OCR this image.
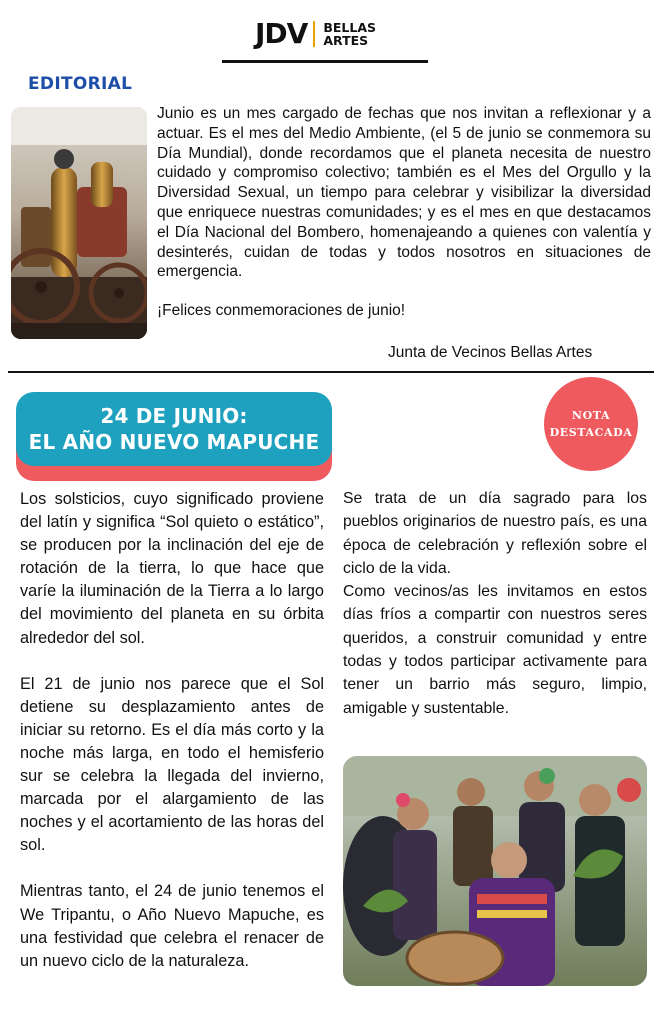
JDV BELLAS
ARTES
EDITORIAL
Junio es un mes cargado de fechas que nos invitan a reflexionar y a actuar. Es el mes del Medio Ambiente, (el 5 de junio se conmemora su Día Mundial), donde recordamos que el planeta necesita de nuestro cuidado y compromiso colectivo; también es el Mes del Orgullo y la Diversidad Sexual, un tiempo para celebrar y visibilizar la diversidad que enriquece nuestras comunidades; y es el mes en que destacamos el Día Nacional del Bombero, homenajeando a quienes con valentía y desinterés, cuidan de todas y todos nosotros en situaciones de emergencia.
¡Felices conmemoraciones de junio!
Junta de Vecinos Bellas Artes
24 DE JUNIO:
EL AÑO NUEVO MAPUCHE
NOTA
DESTACADA

Los solsticios, cuyo significado proviene del latín y significa “Sol quieto o estático”, se producen por la inclinación del eje de rotación de la tierra, lo que hace que varíe la iluminación de la Tierra a lo largo del movimiento del planeta en su órbita alrededor del sol.

El 21 de junio nos parece que el Sol detiene su desplazamiento antes de iniciar su retorno. Es el día más corto y la noche más larga, en todo el hemisferio sur se celebra la llegada del invierno, marcada por el alargamiento de las noches y el acortamiento de las horas del sol.

Mientras tanto, el 24 de junio tenemos el We Tripantu, o Año Nuevo Mapuche, es una festividad que celebra el renacer de un nuevo ciclo de la naturaleza.

Se trata de un día sagrado para los pueblos originarios de nuestro país, es una época de celebración y reflexión sobre el ciclo de la vida.

Como vecinos/as les invitamos en estos días fríos a compartir con nuestros seres queridos, a construir comunidad y entre todas y todos participar activamente para tener un barrio más seguro, limpio, amigable y sustentable.
